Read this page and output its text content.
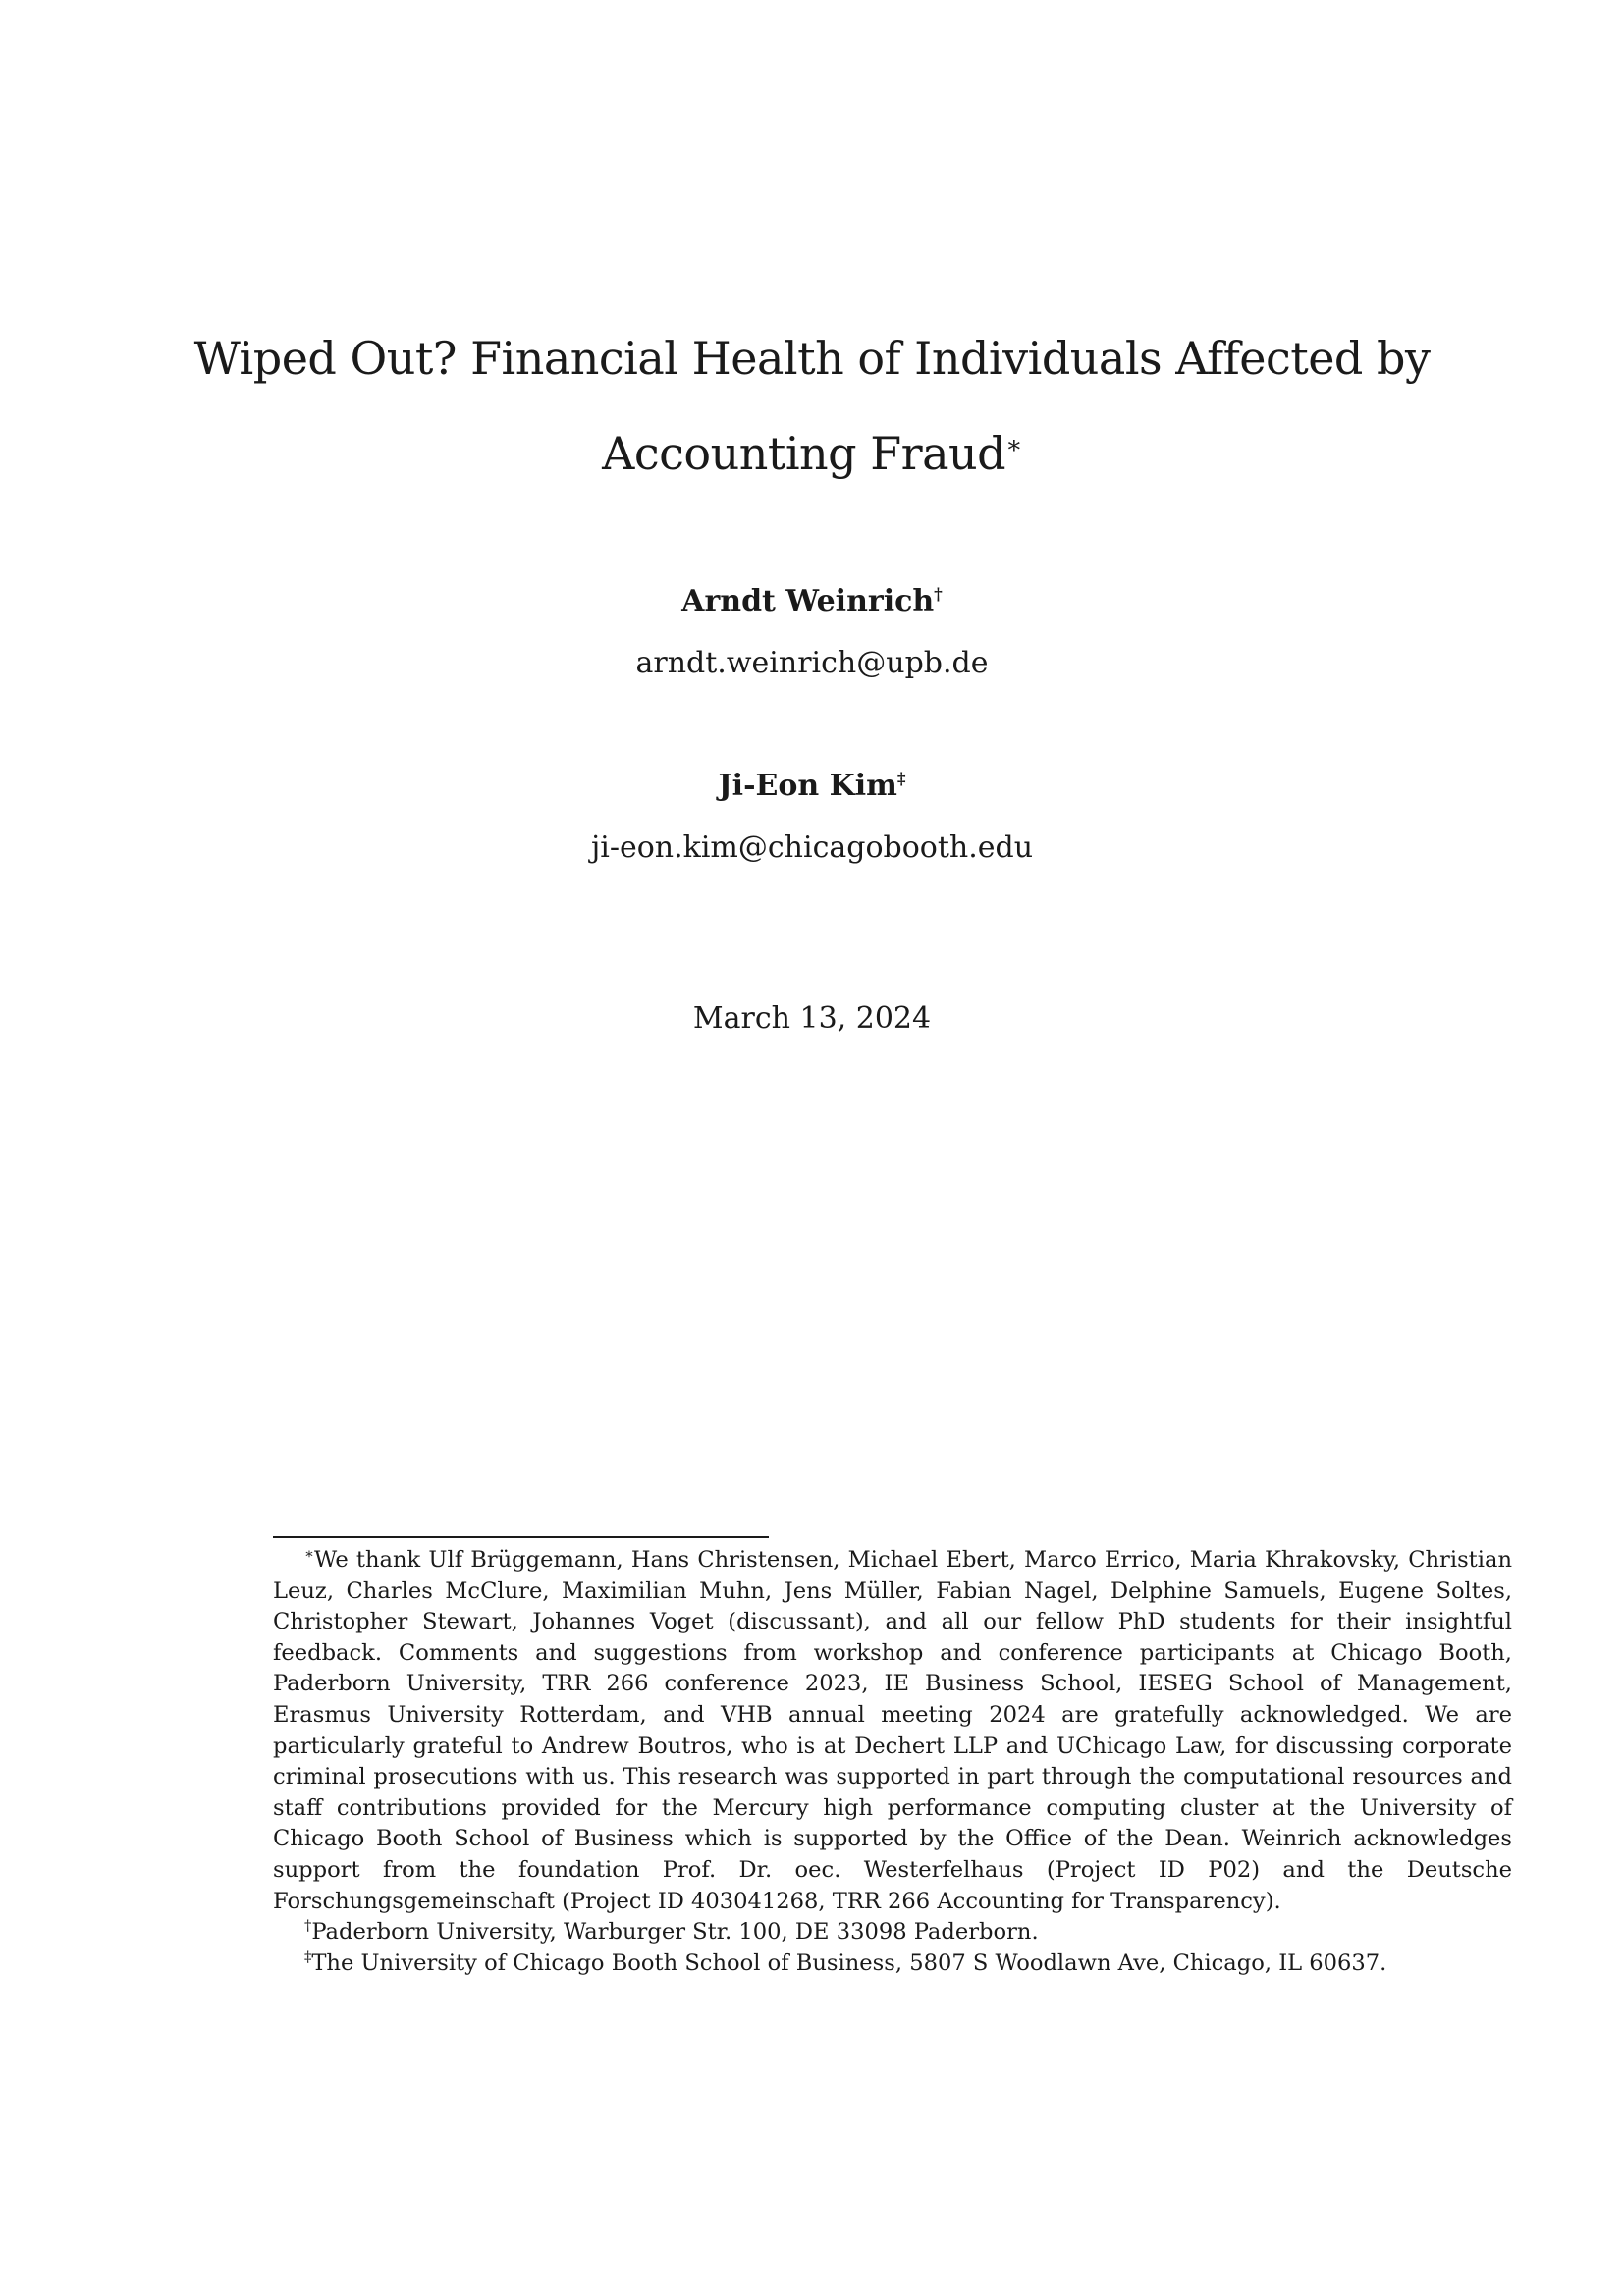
Wiped Out? Financial Health of Individuals Affected by
Accounting Fraud∗
Arndt Weinrich†
arndt.weinrich@upb.de
Ji-Eon Kim‡
ji-eon.kim@chicagobooth.edu
March 13, 2024

∗We thank Ulf Brüggemann, Hans Christensen, Michael Ebert, Marco Errico, Maria Khrakovsky, Christian Leuz, Charles McClure, Maximilian Muhn, Jens Müller, Fabian Nagel, Delphine Samuels, Eugene Soltes, Christopher Stewart, Johannes Voget (discussant), and all our fellow PhD students for their insightful feedback. Comments and suggestions from workshop and conference participants at Chicago Booth, Paderborn University, TRR 266 conference 2023, IE Business School, IESEG School of Management, Erasmus University Rotterdam, and VHB annual meeting 2024 are gratefully acknowledged. We are particularly grateful to Andrew Boutros, who is at Dechert LLP and UChicago Law, for discussing corporate criminal prosecutions with us. This research was supported in part through the computational resources and staff contributions provided for the Mercury high performance computing cluster at the University of Chicago Booth School of Business which is supported by the Office of the Dean. Weinrich acknowledges support from the foundation Prof. Dr. oec. Westerfelhaus (Project ID P02) and the Deutsche Forschungsgemeinschaft (Project ID 403041268, TRR 266 Accounting for Transparency).

†Paderborn University, Warburger Str. 100, DE 33098 Paderborn.

‡The University of Chicago Booth School of Business, 5807 S Woodlawn Ave, Chicago, IL 60637.
